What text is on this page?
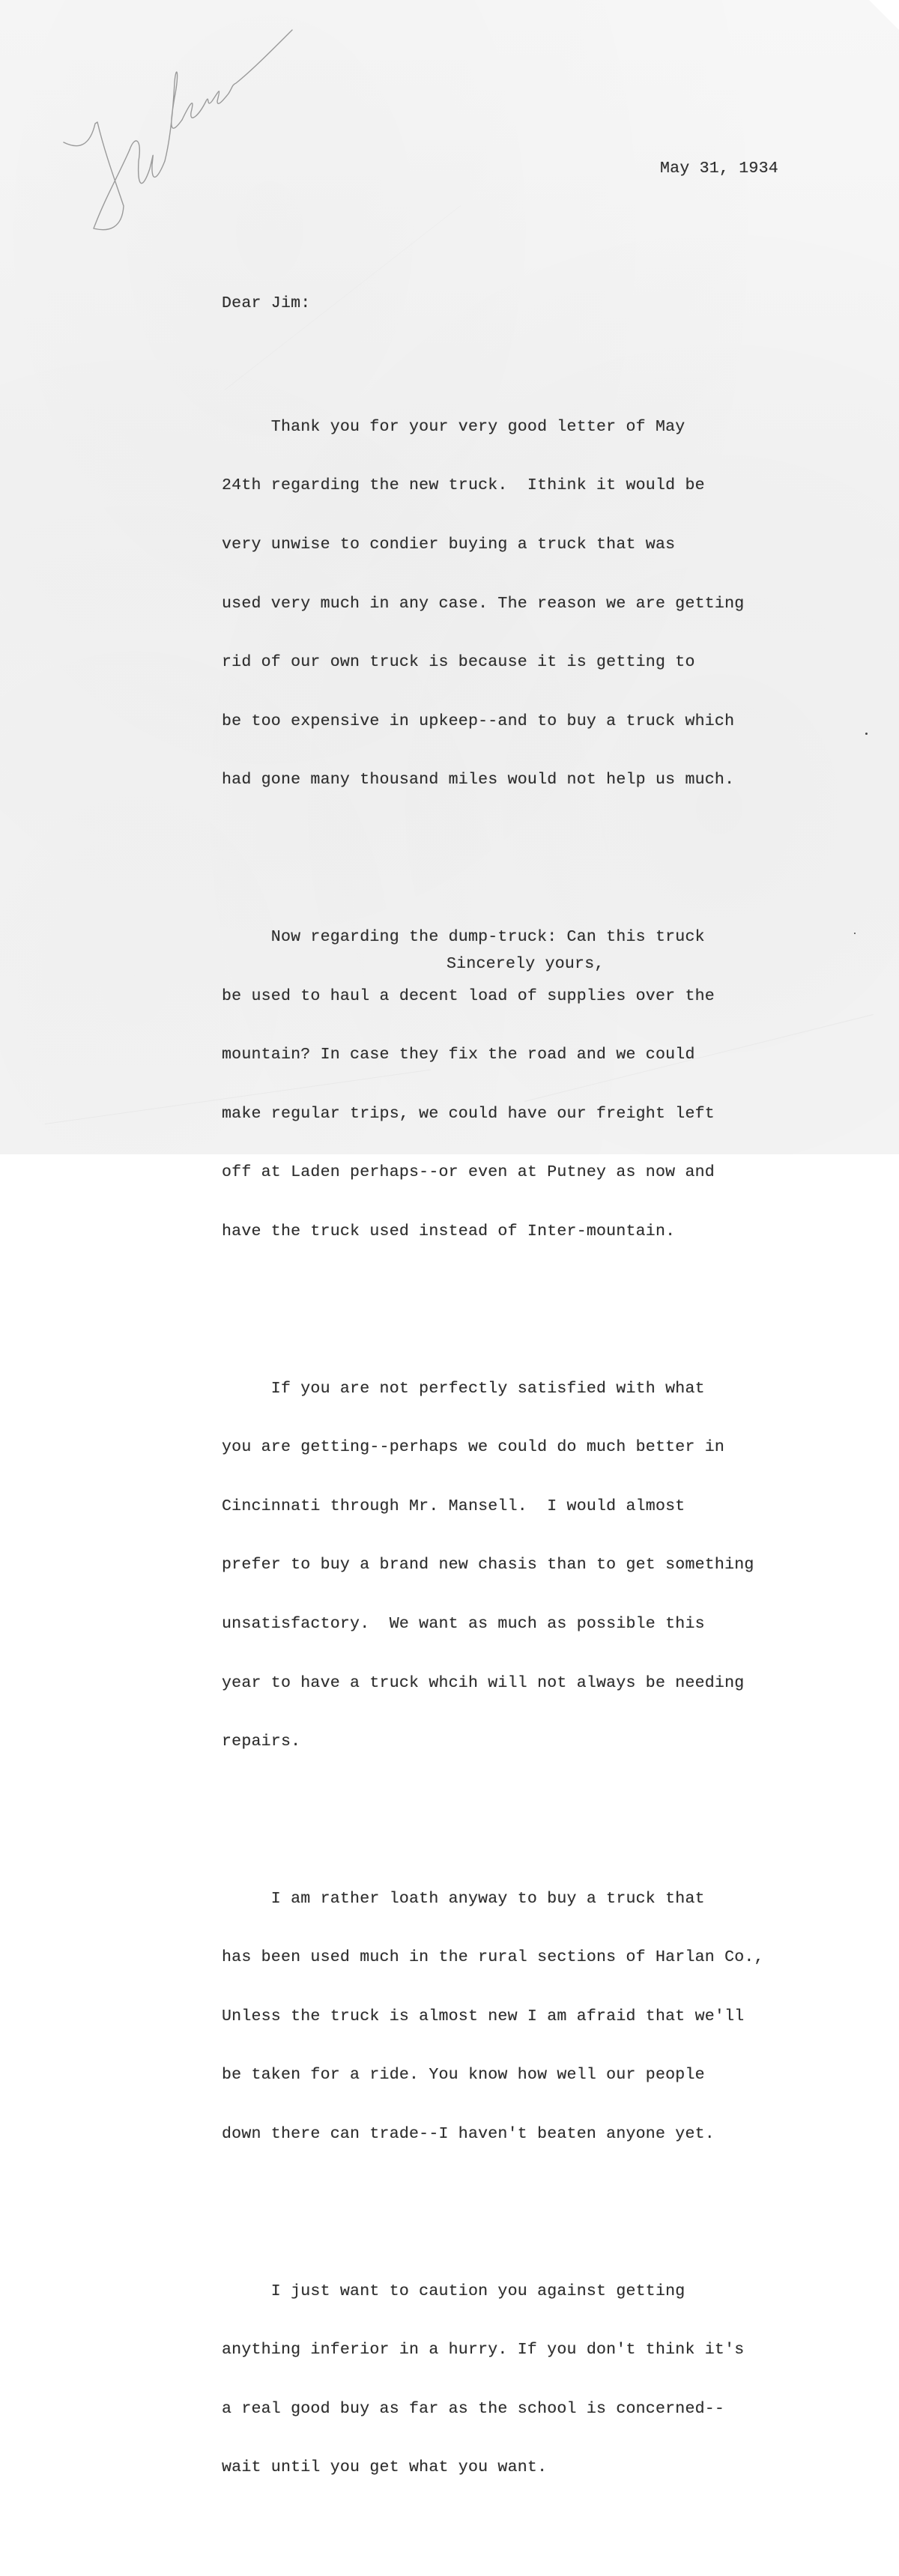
May 31, 1934
Dear Jim:

Thank you for your very good letter of May

24th regarding the new truck.  Ithink it would be

very unwise to condier buying a truck that was

used very much in any case. The reason we are getting

rid of our own truck is because it is getting to

be too expensive in upkeep--and to buy a truck which

had gone many thousand miles would not help us much.

Now regarding the dump-truck: Can this truck

be used to haul a decent load of supplies over the

mountain? In case they fix the road and we could

make regular trips, we could have our freight left

off at Laden perhaps--or even at Putney as now and

have the truck used instead of Inter-mountain.

If you are not perfectly satisfied with what

you are getting--perhaps we could do much better in

Cincinnati through Mr. Mansell.  I would almost

prefer to buy a brand new chasis than to get something

unsatisfactory.  We want as much as possible this

year to have a truck whcih will not always be needing

repairs.

I am rather loath anyway to buy a truck that

has been used much in the rural sections of Harlan Co.,

Unless the truck is almost new I am afraid that we'll

be taken for a ride. You know how well our people

down there can trade--I haven't beaten anyone yet.

I just want to caution you against getting

anything inferior in a hurry. If you don't think it's

a real good buy as far as the school is concerned--

wait until you get what you want.

Sincerely yours,
